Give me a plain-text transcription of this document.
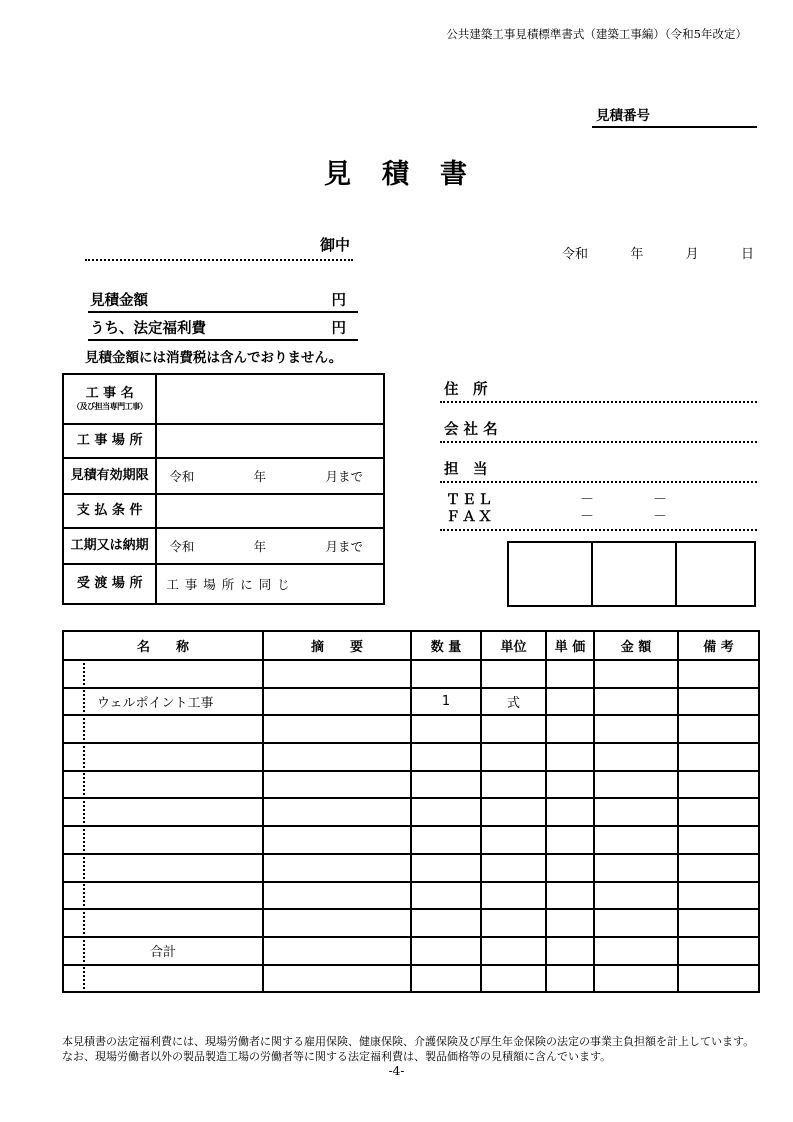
公共建築工事見積標準書式（建築工事編）（令和5年改定）
見積番号
見　積　書
御中
令和	年	月	日
見積金額	円
うち、法定福利費	円
見積金額には消費税は含んでおりません。
工 事 名
（及び担当専門工事）	

工 事 場 所	
見積有効期限	令和 年 月まで

支 払 条 件	
工期又は納期	令和 年 月まで

受 渡 場 所	工 事 場 所 に 同 じ
住　所
会 社 名
担　当
ＴＥＬ	－	－
ＦＡＸ	－	－
名　　称	摘　　要	数 量	単位	単 価	金 額	備 考

ウェルポイント工事		1	式			

合計						

本見積書の法定福利費には、現場労働者に関する雇用保険、健康保険、介護保険及び厚生年金保険の法定の事業主負担額を計上しています。なお、現場労働者以外の製品製造工場の労働者等に関する法定福利費は、製品価格等の見積額に含んでいます。
-4-
